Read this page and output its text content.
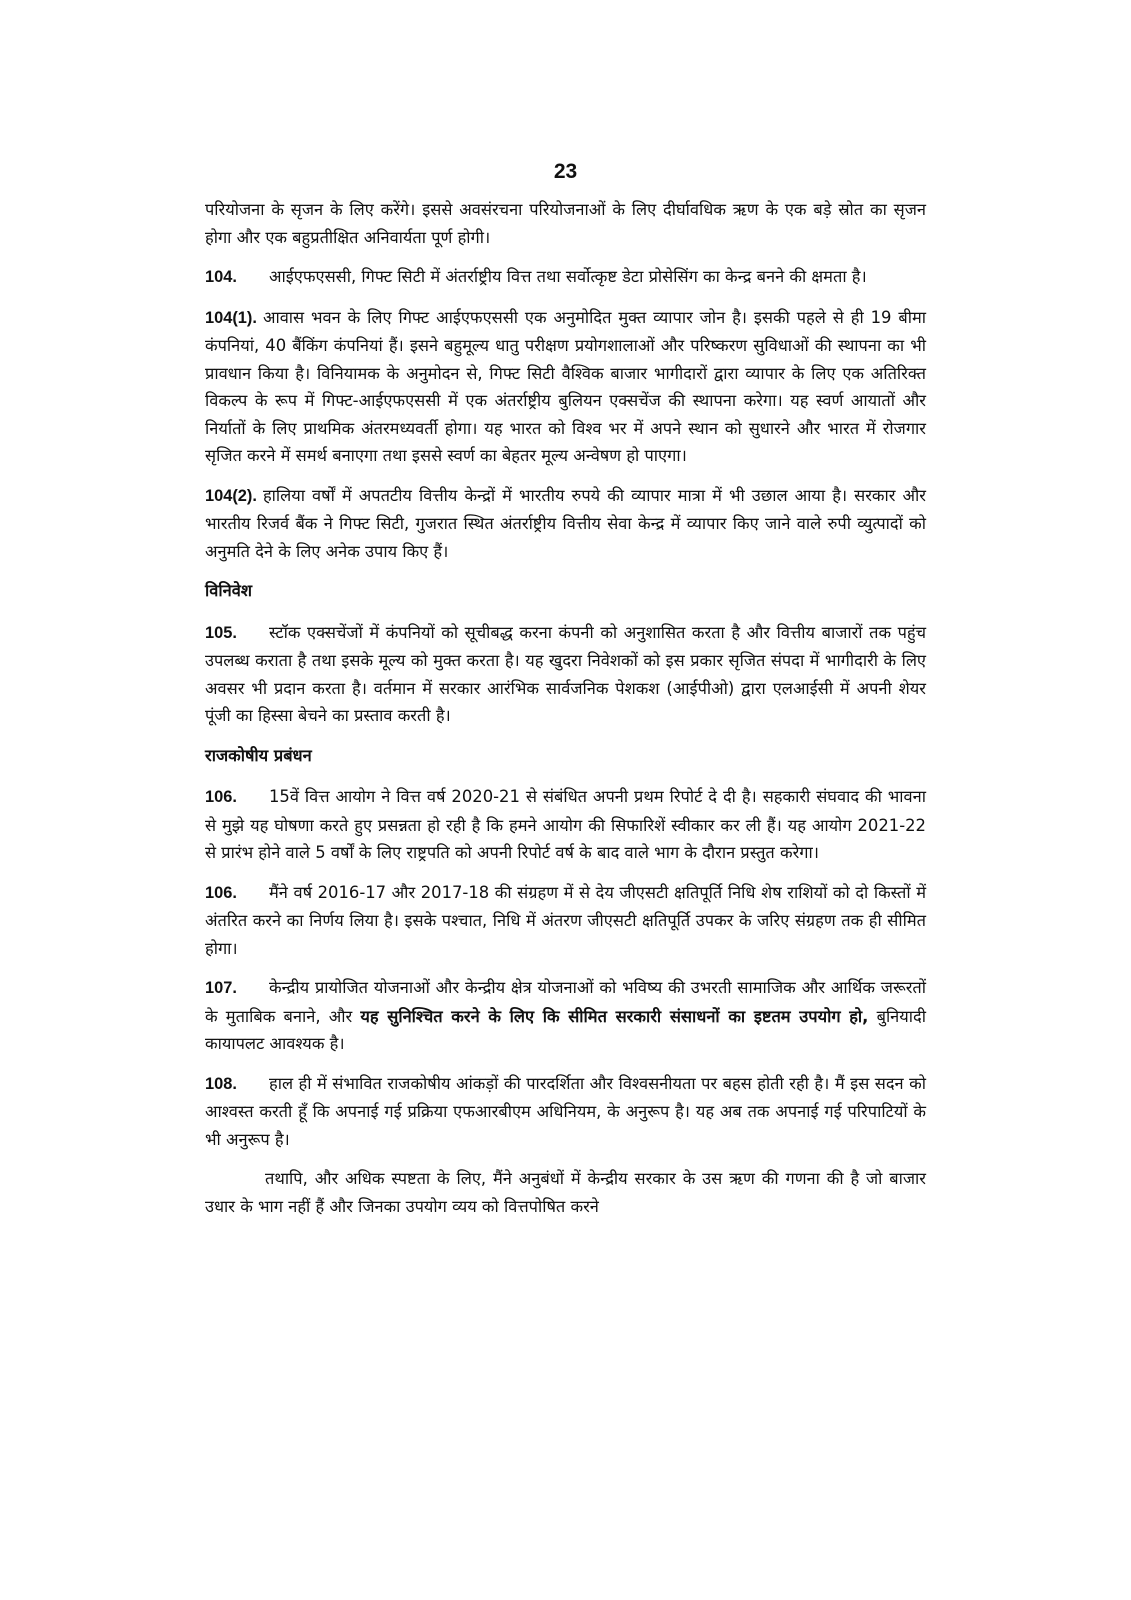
23

परियोजना के सृजन के लिए करेंगे। इससे अवसंरचना परियोजनाओं के लिए दीर्घावधिक ऋण के एक बड़े स्रोत का सृजन होगा और एक बहुप्रतीक्षित अनिवार्यता पूर्ण होगी।

104. आईएफएससी, गिफ्ट सिटी में अंतर्राष्ट्रीय वित्त तथा सर्वोत्कृष्ट डेटा प्रोसेसिंग का केन्द्र बनने की क्षमता है।

104(1). आवास भवन के लिए गिफ्ट आईएफएससी एक अनुमोदित मुक्त व्यापार जोन है। इसकी पहले से ही 19 बीमा कंपनियां, 40 बैंकिंग कंपनियां हैं। इसने बहुमूल्य धातु परीक्षण प्रयोगशालाओं और परिष्करण सुविधाओं की स्थापना का भी प्रावधान किया है। विनियामक के अनुमोदन से, गिफ्ट सिटी वैश्विक बाजार भागीदारों द्वारा व्यापार के लिए एक अतिरिक्त विकल्प के रूप में गिफ्ट-आईएफएससी में एक अंतर्राष्ट्रीय बुलियन एक्सचेंज की स्थापना करेगा। यह स्वर्ण आयातों और निर्यातों के लिए प्राथमिक अंतरमध्यवर्ती होगा। यह भारत को विश्व भर में अपने स्थान को सुधारने और भारत में रोजगार सृजित करने में समर्थ बनाएगा तथा इससे स्वर्ण का बेहतर मूल्य अन्वेषण हो पाएगा।

104(2). हालिया वर्षों में अपतटीय वित्तीय केन्द्रों में भारतीय रुपये की व्यापार मात्रा में भी उछाल आया है। सरकार और भारतीय रिजर्व बैंक ने गिफ्ट सिटी, गुजरात स्थित अंतर्राष्ट्रीय वित्तीय सेवा केन्द्र में व्यापार किए जाने वाले रुपी व्युत्पादों को अनुमति देने के लिए अनेक उपाय किए हैं।

विनिवेश

105. स्टॉक एक्सचेंजों में कंपनियों को सूचीबद्ध करना कंपनी को अनुशासित करता है और वित्तीय बाजारों तक पहुंच उपलब्ध कराता है तथा इसके मूल्य को मुक्त करता है। यह खुदरा निवेशकों को इस प्रकार सृजित संपदा में भागीदारी के लिए अवसर भी प्रदान करता है। वर्तमान में सरकार आरंभिक सार्वजनिक पेशकश (आईपीओ) द्वारा एलआईसी में अपनी शेयर पूंजी का हिस्सा बेचने का प्रस्ताव करती है।

राजकोषीय प्रबंधन

106. 15वें वित्त आयोग ने वित्त वर्ष 2020-21 से संबंधित अपनी प्रथम रिपोर्ट दे दी है। सहकारी संघवाद की भावना से मुझे यह घोषणा करते हुए प्रसन्नता हो रही है कि हमने आयोग की सिफारिशें स्वीकार कर ली हैं। यह आयोग 2021-22 से प्रारंभ होने वाले 5 वर्षों के लिए राष्ट्रपति को अपनी रिपोर्ट वर्ष के बाद वाले भाग के दौरान प्रस्तुत करेगा।

106. मैंने वर्ष 2016-17 और 2017-18 की संग्रहण में से देय जीएसटी क्षतिपूर्ति निधि शेष राशियों को दो किस्तों में अंतरित करने का निर्णय लिया है। इसके पश्चात, निधि में अंतरण जीएसटी क्षतिपूर्ति उपकर के जरिए संग्रहण तक ही सीमित होगा।

107. केन्द्रीय प्रायोजित योजनाओं और केन्द्रीय क्षेत्र योजनाओं को भविष्य की उभरती सामाजिक और आर्थिक जरूरतों के मुताबिक बनाने, और यह सुनिश्चित करने के लिए कि सीमित सरकारी संसाधनों का इष्टतम उपयोग हो, बुनियादी कायापलट आवश्यक है।

108. हाल ही में संभावित राजकोषीय आंकड़ों की पारदर्शिता और विश्वसनीयता पर बहस होती रही है। मैं इस सदन को आश्वस्त करती हूँ कि अपनाई गई प्रक्रिया एफआरबीएम अधिनियम, के अनुरूप है। यह अब तक अपनाई गई परिपाटियों के भी अनुरूप है।

तथापि, और अधिक स्पष्टता के लिए, मैंने अनुबंधों में केन्द्रीय सरकार के उस ऋण की गणना की है जो बाजार उधार के भाग नहीं हैं और जिनका उपयोग व्यय को वित्तपोषित करने
